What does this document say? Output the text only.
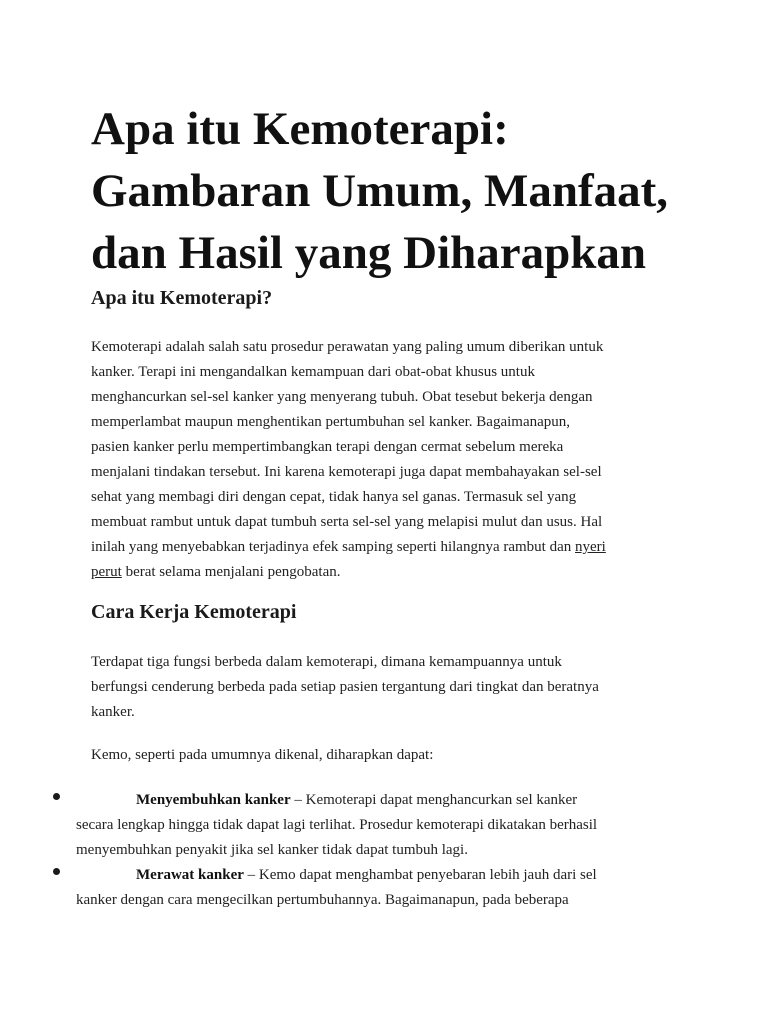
Apa itu Kemoterapi:
Gambaran Umum, Manfaat,
dan Hasil yang Diharapkan
Apa itu Kemoterapi?

Kemoterapi adalah salah satu prosedur perawatan yang paling umum diberikan untuk
kanker. Terapi ini mengandalkan kemampuan dari obat-obat khusus untuk
menghancurkan sel-sel kanker yang menyerang tubuh. Obat tesebut bekerja dengan
memperlambat maupun menghentikan pertumbuhan sel kanker. Bagaimanapun,
pasien kanker perlu mempertimbangkan terapi dengan cermat sebelum mereka
menjalani tindakan tersebut. Ini karena kemoterapi juga dapat membahayakan sel-sel
sehat yang membagi diri dengan cepat, tidak hanya sel ganas. Termasuk sel yang
membuat rambut untuk dapat tumbuh serta sel-sel yang melapisi mulut dan usus. Hal
inilah yang menyebabkan terjadinya efek samping seperti hilangnya rambut dan nyeri
perut berat selama menjalani pengobatan.

Cara Kerja Kemoterapi

Terdapat tiga fungsi berbeda dalam kemoterapi, dimana kemampuannya untuk
berfungsi cenderung berbeda pada setiap pasien tergantung dari tingkat dan beratnya
kanker.

Kemo, seperti pada umumnya dikenal, diharapkan dapat:

Menyembuhkan kanker – Kemoterapi dapat menghancurkan sel kanker
secara lengkap hingga tidak dapat lagi terlihat. Prosedur kemoterapi dikatakan berhasil
menyembuhkan penyakit jika sel kanker tidak dapat tumbuh lagi.

Merawat kanker – Kemo dapat menghambat penyebaran lebih jauh dari sel
kanker dengan cara mengecilkan pertumbuhannya. Bagaimanapun, pada beberapa
